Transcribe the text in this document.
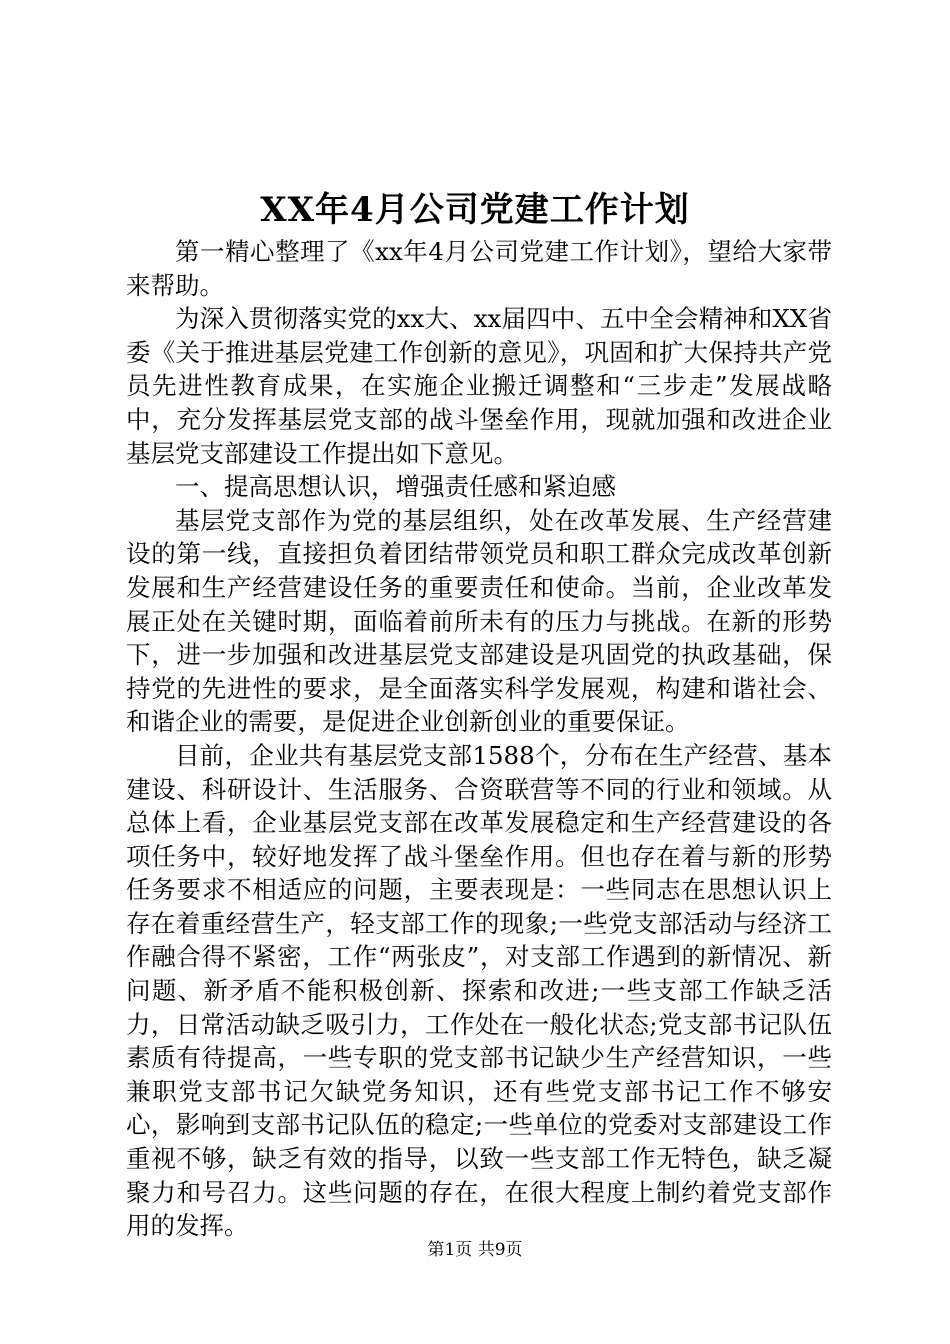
XX年4月公司党建工作计划

第一精心整理了《xx年4月公司党建工作计划》，望给大家带来帮助。

为深入贯彻落实党的xx大、xx届四中、五中全会精神和XX省委《关于推进基层党建工作创新的意见》，巩固和扩大保持共产党员先进性教育成果，在实施企业搬迁调整和“三步走”发展战略中，充分发挥基层党支部的战斗堡垒作用，现就加强和改进企业基层党支部建设工作提出如下意见。

一、提高思想认识，增强责任感和紧迫感

基层党支部作为党的基层组织，处在改革发展、生产经营建设的第一线，直接担负着团结带领党员和职工群众完成改革创新发展和生产经营建设任务的重要责任和使命。当前，企业改革发展正处在关键时期，面临着前所未有的压力与挑战。在新的形势下，进一步加强和改进基层党支部建设是巩固党的执政基础，保持党的先进性的要求，是全面落实科学发展观，构建和谐社会、和谐企业的需要，是促进企业创新创业的重要保证。

目前，企业共有基层党支部1588个，分布在生产经营、基本建设、科研设计、生活服务、合资联营等不同的行业和领域。从总体上看，企业基层党支部在改革发展稳定和生产经营建设的各项任务中，较好地发挥了战斗堡垒作用。但也存在着与新的形势任务要求不相适应的问题，主要表现是：一些同志在思想认识上存在着重经营生产，轻支部工作的现象;一些党支部活动与经济工作融合得不紧密，工作“两张皮”，对支部工作遇到的新情况、新问题、新矛盾不能积极创新、探索和改进;一些支部工作缺乏活力，日常活动缺乏吸引力，工作处在一般化状态;党支部书记队伍素质有待提高，一些专职的党支部书记缺少生产经营知识，一些兼职党支部书记欠缺党务知识，还有些党支部书记工作不够安心，影响到支部书记队伍的稳定;一些单位的党委对支部建设工作重视不够，缺乏有效的指导，以致一些支部工作无特色，缺乏凝聚力和号召力。这些问题的存在，在很大程度上制约着党支部作用的发挥。

第1页 共9页
